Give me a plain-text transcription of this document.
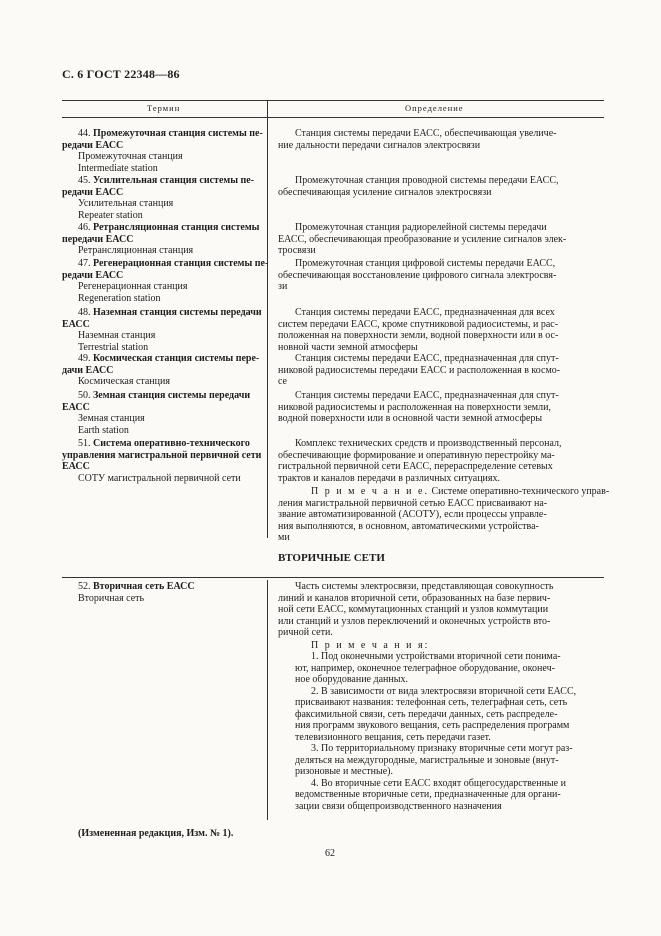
С. 6 ГОСТ 22348—86
Термин	Определение
44. Промежуточная станция системы пе-
редачи ЕАСС
Промежуточная станция
Intermediate station
45. Усилительная станция системы пе-
редачи ЕАСС
Усилительная станция
Repeater station
46. Ретрансляционная станция системы
передачи ЕАСС
Ретрансляционная станция
47. Регенерационная станция системы пе-
редачи ЕАСС
Регенерационная станция
Regeneration station
48. Наземная станция системы передачи
ЕАСС
Наземная станция
Terrestrial station
49. Космическая станция системы пере-
дачи ЕАСС
Космическая станция
50. Земная станция системы передачи
ЕАСС
Земная станция
Earth station
51. Система оперативно-технического
управления магистральной первичной сети
ЕАСС
СОТУ магистральной первичной сети
Станция системы передачи ЕАСС, обеспечивающая увеличе-
ние дальности передачи сигналов электросвязи
Промежуточная станция проводной системы передачи ЕАСС,
обеспечивающая усиление сигналов электросвязи
Промежуточная станция радиорелейной системы передачи
ЕАСС, обеспечивающая преобразование и усиление сигналов элек-
тросвязи
Промежуточная станция цифровой системы передачи ЕАСС,
обеспечивающая восстановление цифрового сигнала электросвя-
зи
Станция системы передачи ЕАСС, предназначенная для всех
систем передачи ЕАСС, кроме спутниковой радиосистемы, и рас-
положенная на поверхности земли, водной поверхности или в ос-
новной части земной атмосферы
Станция системы передачи ЕАСС, предназначенная для спут-
никовой радиосистемы передачи ЕАСС и расположенная в космо-
се
Станция системы передачи ЕАСС, предназначенная для спут-
никовой радиосистемы и расположенная на поверхности земли,
водной поверхности или в основной части земной атмосферы
Комплекс технических средств и производственный персонал,
обеспечивающие формирование и оперативную перестройку ма-
гистральной первичной сети ЕАСС, перераспределение сетевых
трактов и каналов передачи в различных ситуациях.
П р и м е ч а н и е. Системе оперативно-технического управ-
ления магистральной первичной сетью ЕАСС присваивают на-
звание автоматизированной (АСОТУ), если процессы управле-
ния выполняются, в основном, автоматическими устройства-
ми
ВТОРИЧНЫЕ СЕТИ
52. Вторичная сеть ЕАСС
Вторичная сеть
Часть системы электросвязи, представляющая совокупность
линий и каналов вторичной сети, образованных на базе первич-
ной сети ЕАСС, коммутационных станций и узлов коммутации
или станций и узлов переключений и оконечных устройств вто-
ричной сети.
П р и м е ч а н и я:
1. Под оконечными устройствами вторичной сети понима-
ют, например, оконечное телеграфное оборудование, оконеч-
ное оборудование данных.
2. В зависимости от вида электросвязи вторичной сети ЕАСС,
присваивают названия: телефонная сеть, телеграфная сеть, сеть
факсимильной связи, сеть передачи данных, сеть распределе-
ния программ звукового вещания, сеть распределения программ
телевизионного вещания, сеть передачи газет.
3. По территориальному признаку вторичные сети могут раз-
деляться на междугородные, магистральные и зоновые (внут-
ризоновые и местные).
4. Во вторичные сети ЕАСС входят общегосударственные и
ведомственные вторичные сети, предназначенные для органи-
зации связи общепроизводственного назначения
(Измененная редакция, Изм. № 1).
62
